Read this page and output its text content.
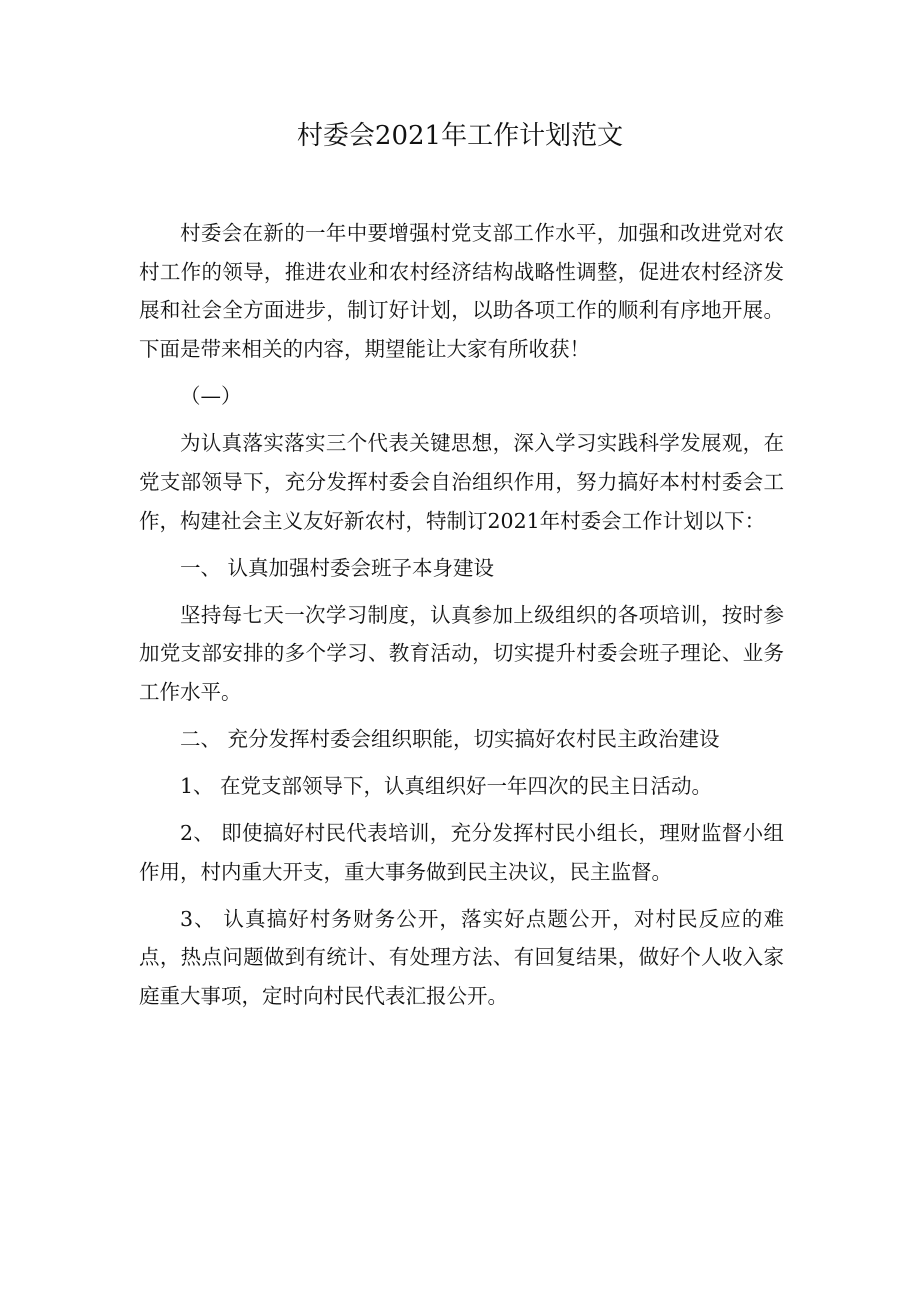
村委会2021年工作计划范文

村委会在新的一年中要增强村党支部工作水平，加强和改进党对农村工作的领导，推进农业和农村经济结构战略性调整，促进农村经济发展和社会全方面进步，制订好计划，以助各项工作的顺利有序地开展。下面是带来相关的内容，期望能让大家有所收获！

（—）

为认真落实落实三个代表关键思想，深入学习实践科学发展观，在党支部领导下，充分发挥村委会自治组织作用，努力搞好本村村委会工作，构建社会主义友好新农村，特制订2021年村委会工作计划以下：

一、 认真加强村委会班子本身建设

坚持每七天一次学习制度，认真参加上级组织的各项培训，按时参加党支部安排的多个学习、教育活动，切实提升村委会班子理论、业务工作水平。

二、 充分发挥村委会组织职能，切实搞好农村民主政治建设

1、 在党支部领导下，认真组织好一年四次的民主日活动。

2、 即使搞好村民代表培训，充分发挥村民小组长，理财监督小组作用，村内重大开支，重大事务做到民主决议，民主监督。

3、 认真搞好村务财务公开，落实好点题公开，对村民反应的难点，热点问题做到有统计、有处理方法、有回复结果，做好个人收入家庭重大事项，定时向村民代表汇报公开。
